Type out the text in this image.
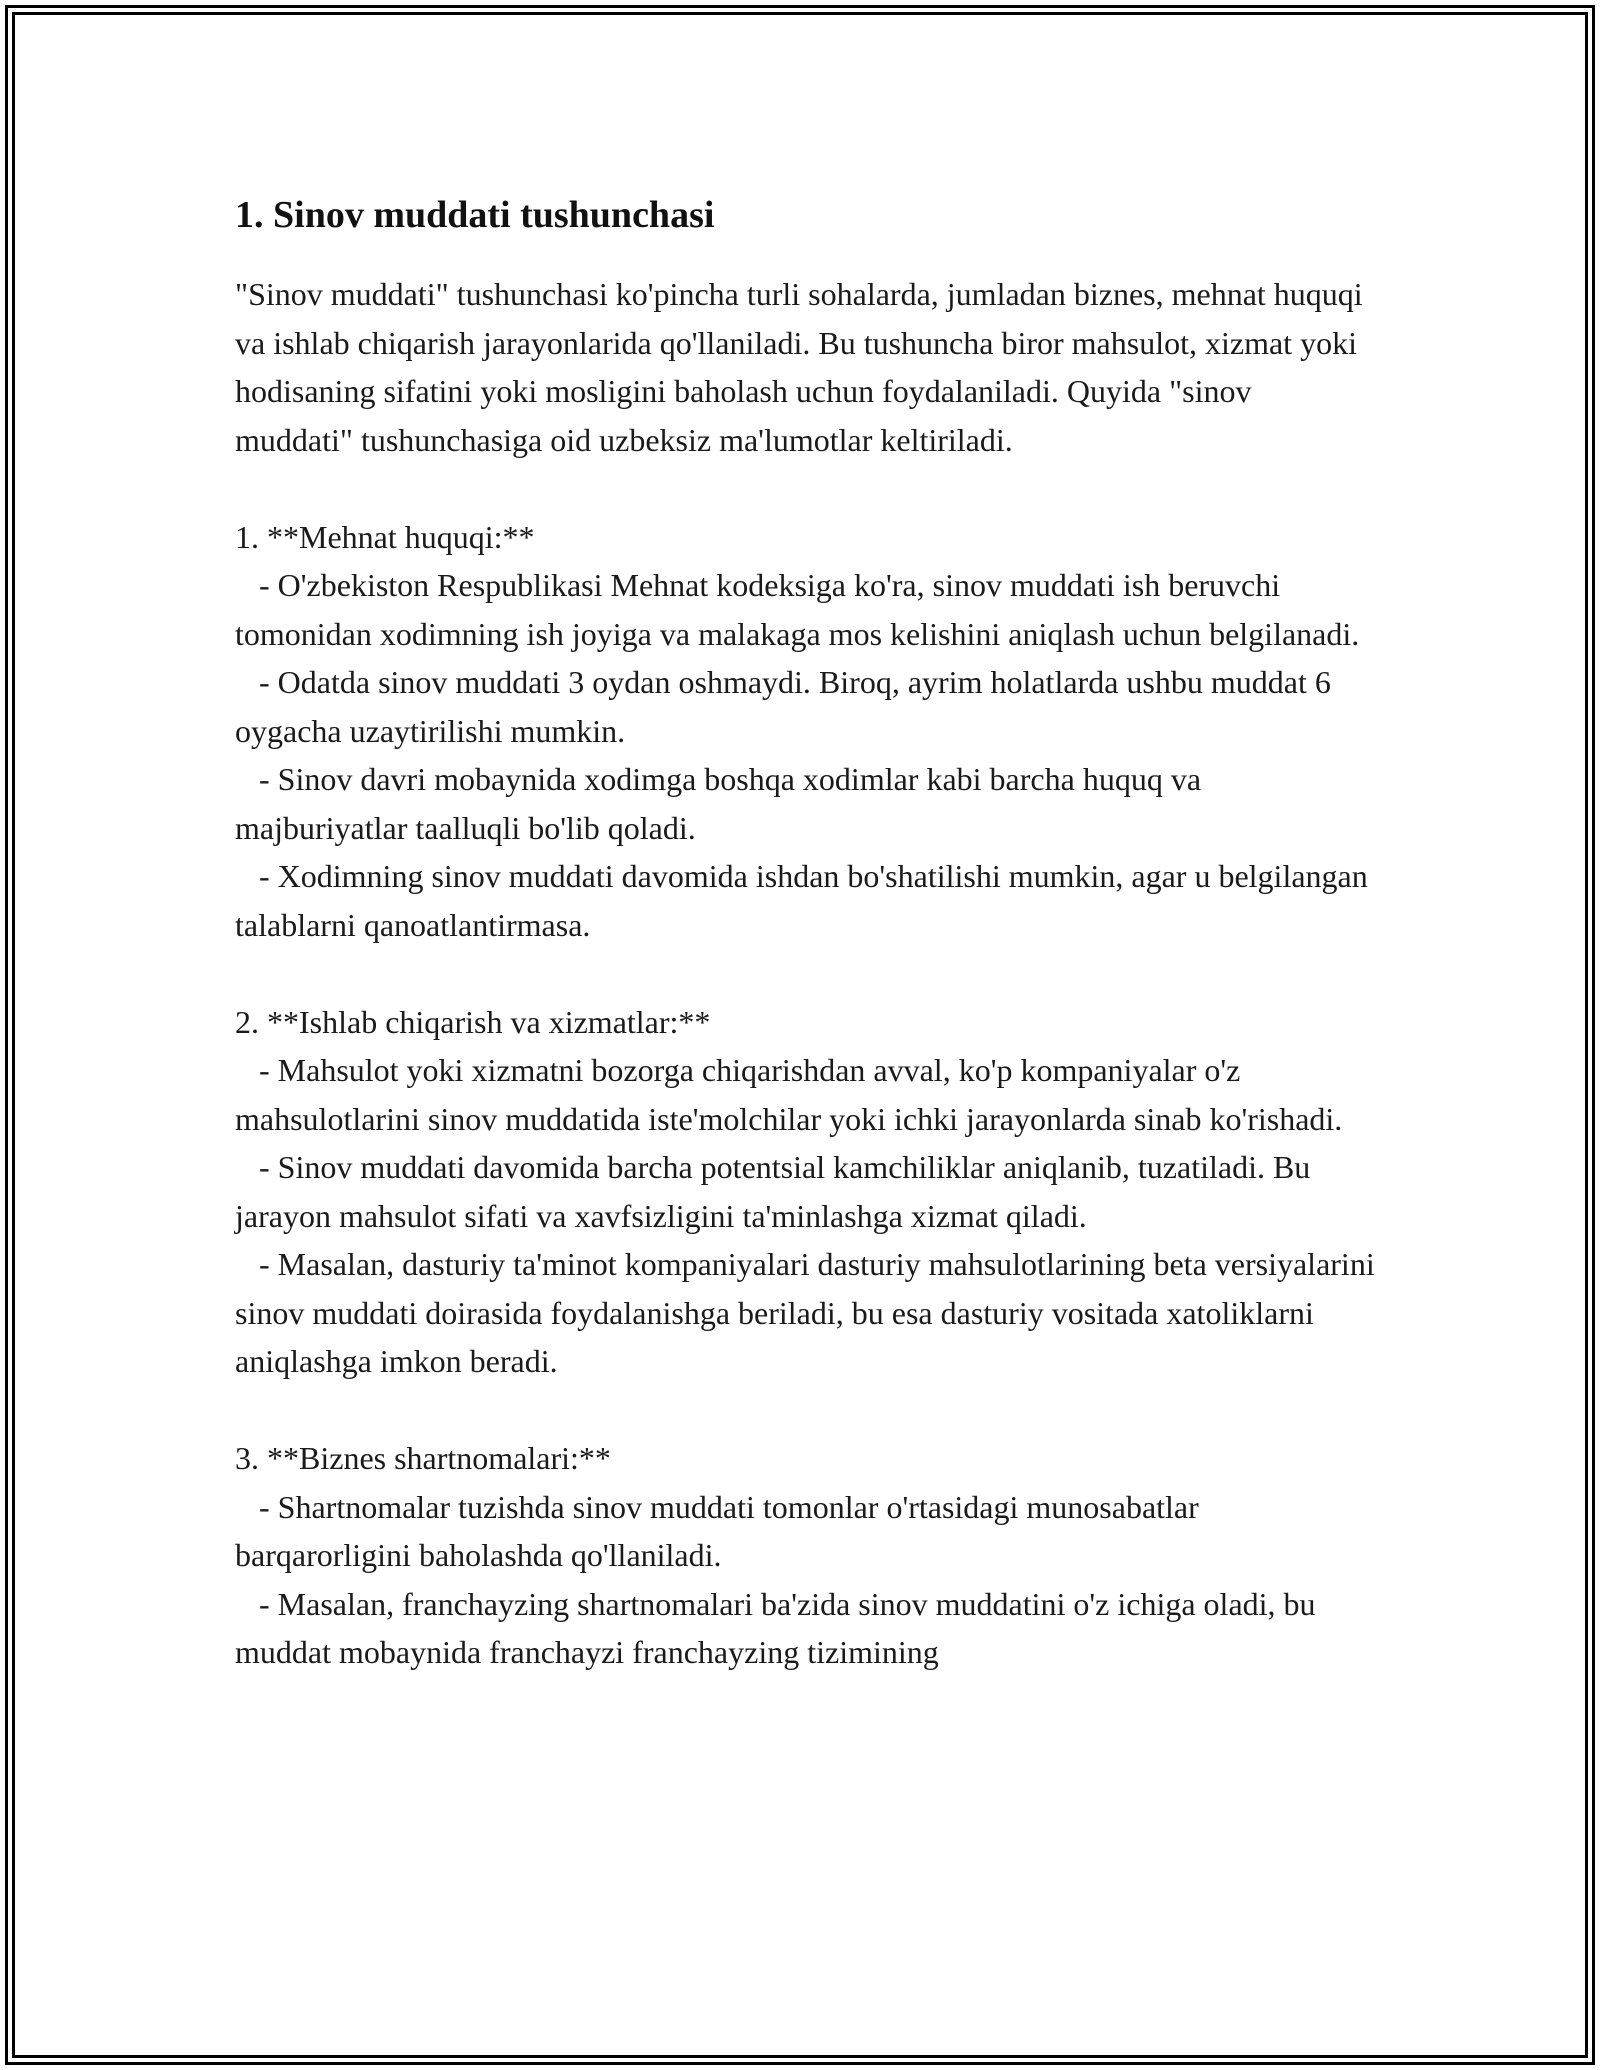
1. Sinov muddati tushunchasi

"Sinov muddati" tushunchasi ko'pincha turli sohalarda, jumladan biznes, mehnat huquqi va ishlab chiqarish jarayonlarida qo'llaniladi. Bu tushuncha biror mahsulot, xizmat yoki hodisaning sifatini yoki mosligini baholash uchun foydalaniladi. Quyida "sinov muddati" tushunchasiga oid uzbeksiz ma'lumotlar keltiriladi.

1. **Mehnat huquqi:**

- O'zbekiston Respublikasi Mehnat kodeksiga ko'ra, sinov muddati ish beruvchi tomonidan xodimning ish joyiga va malakaga mos kelishini aniqlash uchun belgilanadi.

- Odatda sinov muddati 3 oydan oshmaydi. Biroq, ayrim holatlarda ushbu muddat 6 oygacha uzaytirilishi mumkin.

- Sinov davri mobaynida xodimga boshqa xodimlar kabi barcha huquq va majburiyatlar taalluqli bo'lib qoladi.

- Xodimning sinov muddati davomida ishdan bo'shatilishi mumkin, agar u belgilangan talablarni qanoatlantirmasa.

2. **Ishlab chiqarish va xizmatlar:**

- Mahsulot yoki xizmatni bozorga chiqarishdan avval, ko'p kompaniyalar o'z mahsulotlarini sinov muddatida iste'molchilar yoki ichki jarayonlarda sinab ko'rishadi.

- Sinov muddati davomida barcha potentsial kamchiliklar aniqlanib, tuzatiladi. Bu jarayon mahsulot sifati va xavfsizligini ta'minlashga xizmat qiladi.

- Masalan, dasturiy ta'minot kompaniyalari dasturiy mahsulotlarining beta versiyalarini sinov muddati doirasida foydalanishga beriladi, bu esa dasturiy vositada xatoliklarni aniqlashga imkon beradi.

3. **Biznes shartnomalari:**

- Shartnomalar tuzishda sinov muddati tomonlar o'rtasidagi munosabatlar barqarorligini baholashda qo'llaniladi.

- Masalan, franchayzing shartnomalari ba'zida sinov muddatini o'z ichiga oladi, bu muddat mobaynida franchayzi franchayzing tizimining
